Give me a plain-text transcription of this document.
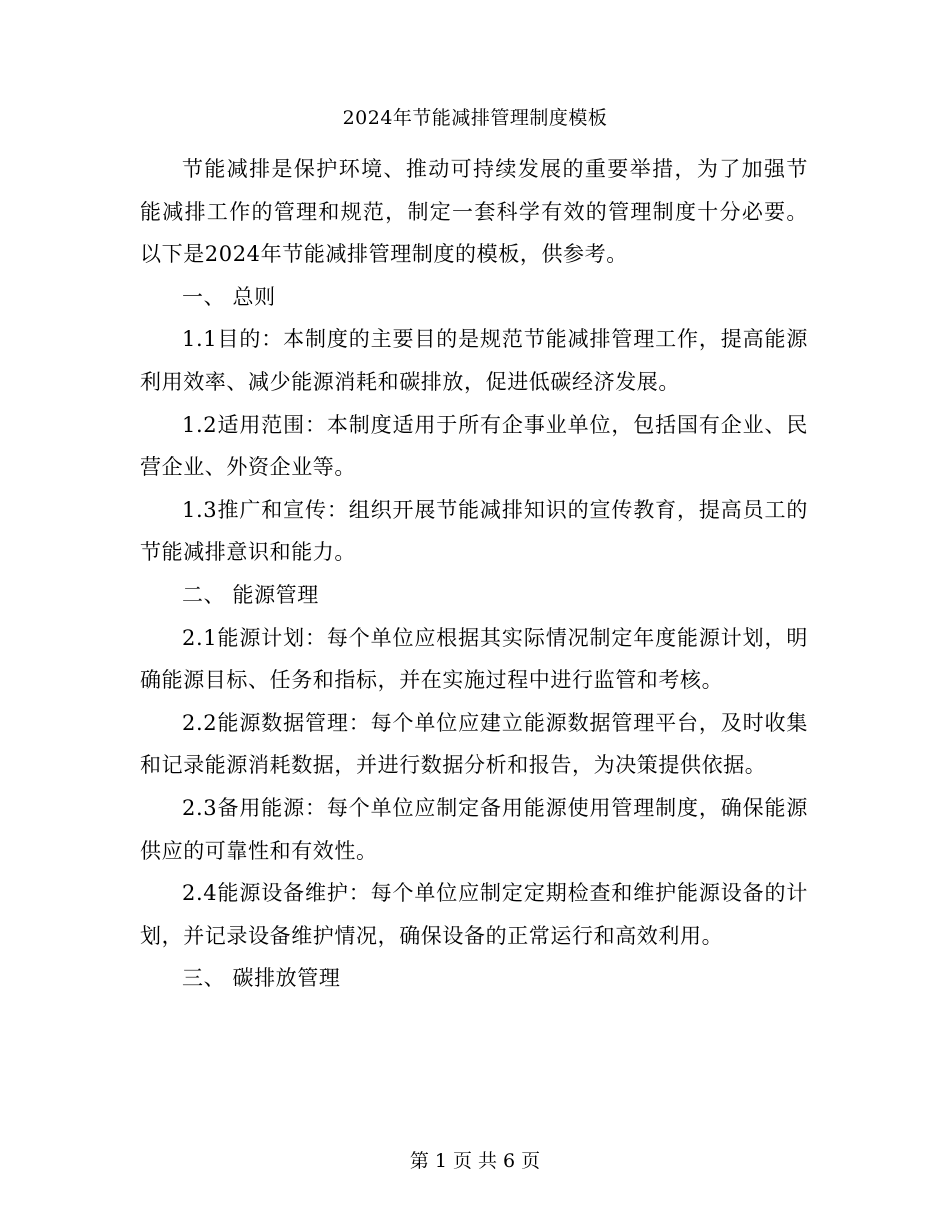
2024年节能减排管理制度模板

节能减排是保护环境、推动可持续发展的重要举措，为了加强节能减排工作的管理和规范，制定一套科学有效的管理制度十分必要。以下是2024年节能减排管理制度的模板，供参考。

一、 总则

1.1目的：本制度的主要目的是规范节能减排管理工作，提高能源利用效率、减少能源消耗和碳排放，促进低碳经济发展。

1.2适用范围：本制度适用于所有企事业单位，包括国有企业、民营企业、外资企业等。

1.3推广和宣传：组织开展节能减排知识的宣传教育，提高员工的节能减排意识和能力。

二、 能源管理

2.1能源计划：每个单位应根据其实际情况制定年度能源计划，明确能源目标、任务和指标，并在实施过程中进行监管和考核。

2.2能源数据管理：每个单位应建立能源数据管理平台，及时收集和记录能源消耗数据，并进行数据分析和报告，为决策提供依据。

2.3备用能源：每个单位应制定备用能源使用管理制度，确保能源供应的可靠性和有效性。

2.4能源设备维护：每个单位应制定定期检查和维护能源设备的计划，并记录设备维护情况，确保设备的正常运行和高效利用。

三、 碳排放管理

第 1 页 共 6 页
